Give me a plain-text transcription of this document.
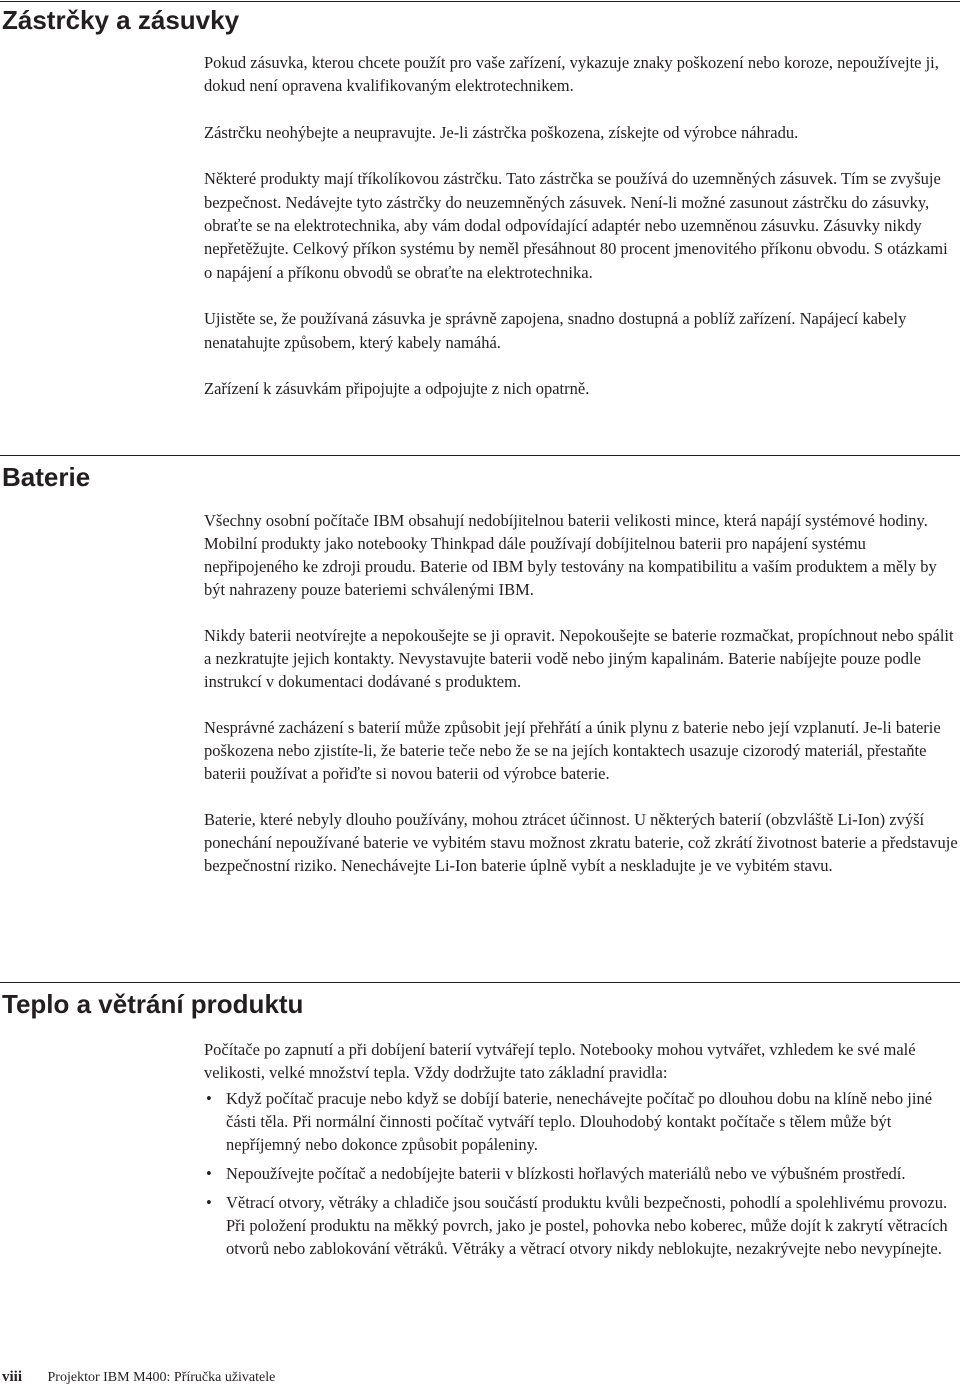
Zástrčky a zásuvky

Pokud zásuvka, kterou chcete použít pro vaše zařízení, vykazuje znaky poškození nebo koroze, nepoužívejte ji, dokud není opravena kvalifikovaným elektrotechnikem.

Zástrčku neohýbejte a neupravujte. Je-li zástrčka poškozena, získejte od výrobce náhradu.

Některé produkty mají tříkolíkovou zástrčku. Tato zástrčka se používá do uzemněných zásuvek. Tím se zvyšuje bezpečnost. Nedávejte tyto zástrčky do neuzemněných zásuvek. Není-li možné zasunout zástrčku do zásuvky, obraťte se na elektrotechnika, aby vám dodal odpovídající adaptér nebo uzemněnou zásuvku. Zásuvky nikdy nepřetěžujte. Celkový příkon systému by neměl přesáhnout 80 procent jmenovitého příkonu obvodu. S otázkami o napájení a příkonu obvodů se obraťte na elektrotechnika.

Ujistěte se, že používaná zásuvka je správně zapojena, snadno dostupná a poblíž zařízení. Napájecí kabely nenatahujte způsobem, který kabely namáhá.

Zařízení k zásuvkám připojujte a odpojujte z nich opatrně.

Baterie

Všechny osobní počítače IBM obsahují nedobíjitelnou baterii velikosti mince, která napájí systémové hodiny. Mobilní produkty jako notebooky Thinkpad dále používají dobíjitelnou baterii pro napájení systému nepřipojeného ke zdroji proudu. Baterie od IBM byly testovány na kompatibilitu a vaším produktem a měly by být nahrazeny pouze bateriemi schválenými IBM.

Nikdy baterii neotvírejte a nepokoušejte se ji opravit. Nepokoušejte se baterie rozmačkat, propíchnout nebo spálit a nezkratujte jejich kontakty. Nevystavujte baterii vodě nebo jiným kapalinám. Baterie nabíjejte pouze podle instrukcí v dokumentaci dodávané s produktem.

Nesprávné zacházení s baterií může způsobit její přehřátí a únik plynu z baterie nebo její vzplanutí. Je-li baterie poškozena nebo zjistíte-li, že baterie teče nebo že se na jejích kontaktech usazuje cizorodý materiál, přestaňte baterii používat a pořiďte si novou baterii od výrobce baterie.

Baterie, které nebyly dlouho používány, mohou ztrácet účinnost. U některých baterií (obzvláště Li-Ion) zvýší ponechání nepoužívané baterie ve vybitém stavu možnost zkratu baterie, což zkrátí životnost baterie a představuje bezpečnostní riziko. Nenechávejte Li-Ion baterie úplně vybít a neskladujte je ve vybitém stavu.

Teplo a větrání produktu

Počítače po zapnutí a při dobíjení baterií vytvářejí teplo. Notebooky mohou vytvářet, vzhledem ke své malé velikosti, velké množství tepla. Vždy dodržujte tato základní pravidla:

• Když počítač pracuje nebo když se dobíjí baterie, nenechávejte počítač po dlouhou dobu na klíně nebo jiné části těla. Při normální činnosti počítač vytváří teplo. Dlouhodobý kontakt počítače s tělem může být nepříjemný nebo dokonce způsobit popáleniny.
• Nepoužívejte počítač a nedobíjejte baterii v blízkosti hořlavých materiálů nebo ve výbušném prostředí.
• Větrací otvory, větráky a chladiče jsou součástí produktu kvůli bezpečnosti, pohodlí a spolehlivému provozu. Při položení produktu na měkký povrch, jako je postel, pohovka nebo koberec, může dojít k zakrytí větracích otvorů nebo zablokování větráků. Větráky a větrací otvory nikdy neblokujte, nezakrývejte nebo nevypínejte.
viii Projektor IBM M400: Příručka uživatele
